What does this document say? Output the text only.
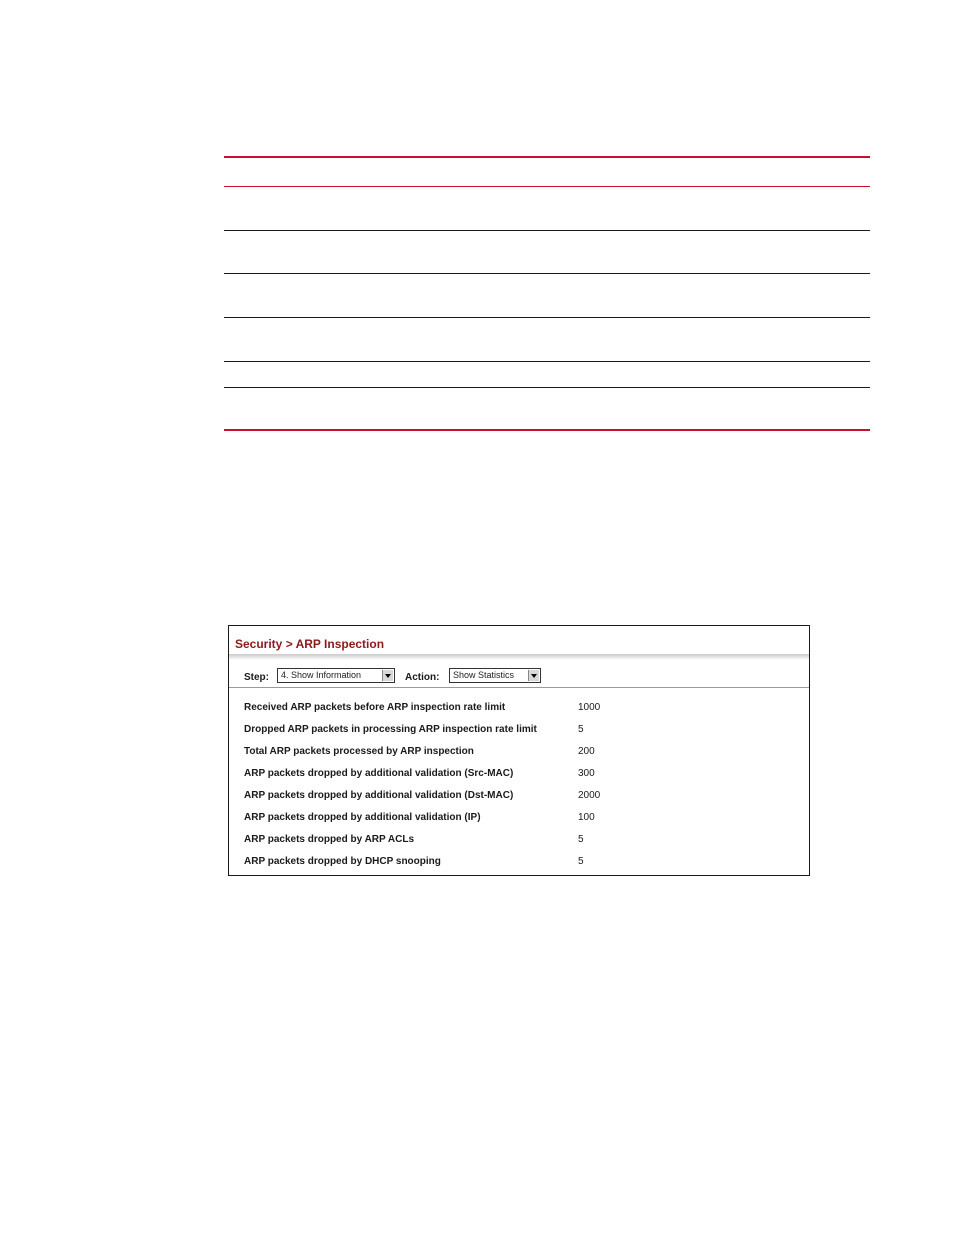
Security > ARP Inspection
Step: 4. Show Information	Action: Show Statistics
Received ARP packets before ARP inspection rate limit	1000
Dropped ARP packets in processing ARP inspection rate limit	5
Total ARP packets processed by ARP inspection	200
ARP packets dropped by additional validation (Src-MAC)	300
ARP packets dropped by additional validation (Dst-MAC)	2000
ARP packets dropped by additional validation (IP)	100
ARP packets dropped by ARP ACLs	5
ARP packets dropped by DHCP snooping	5
